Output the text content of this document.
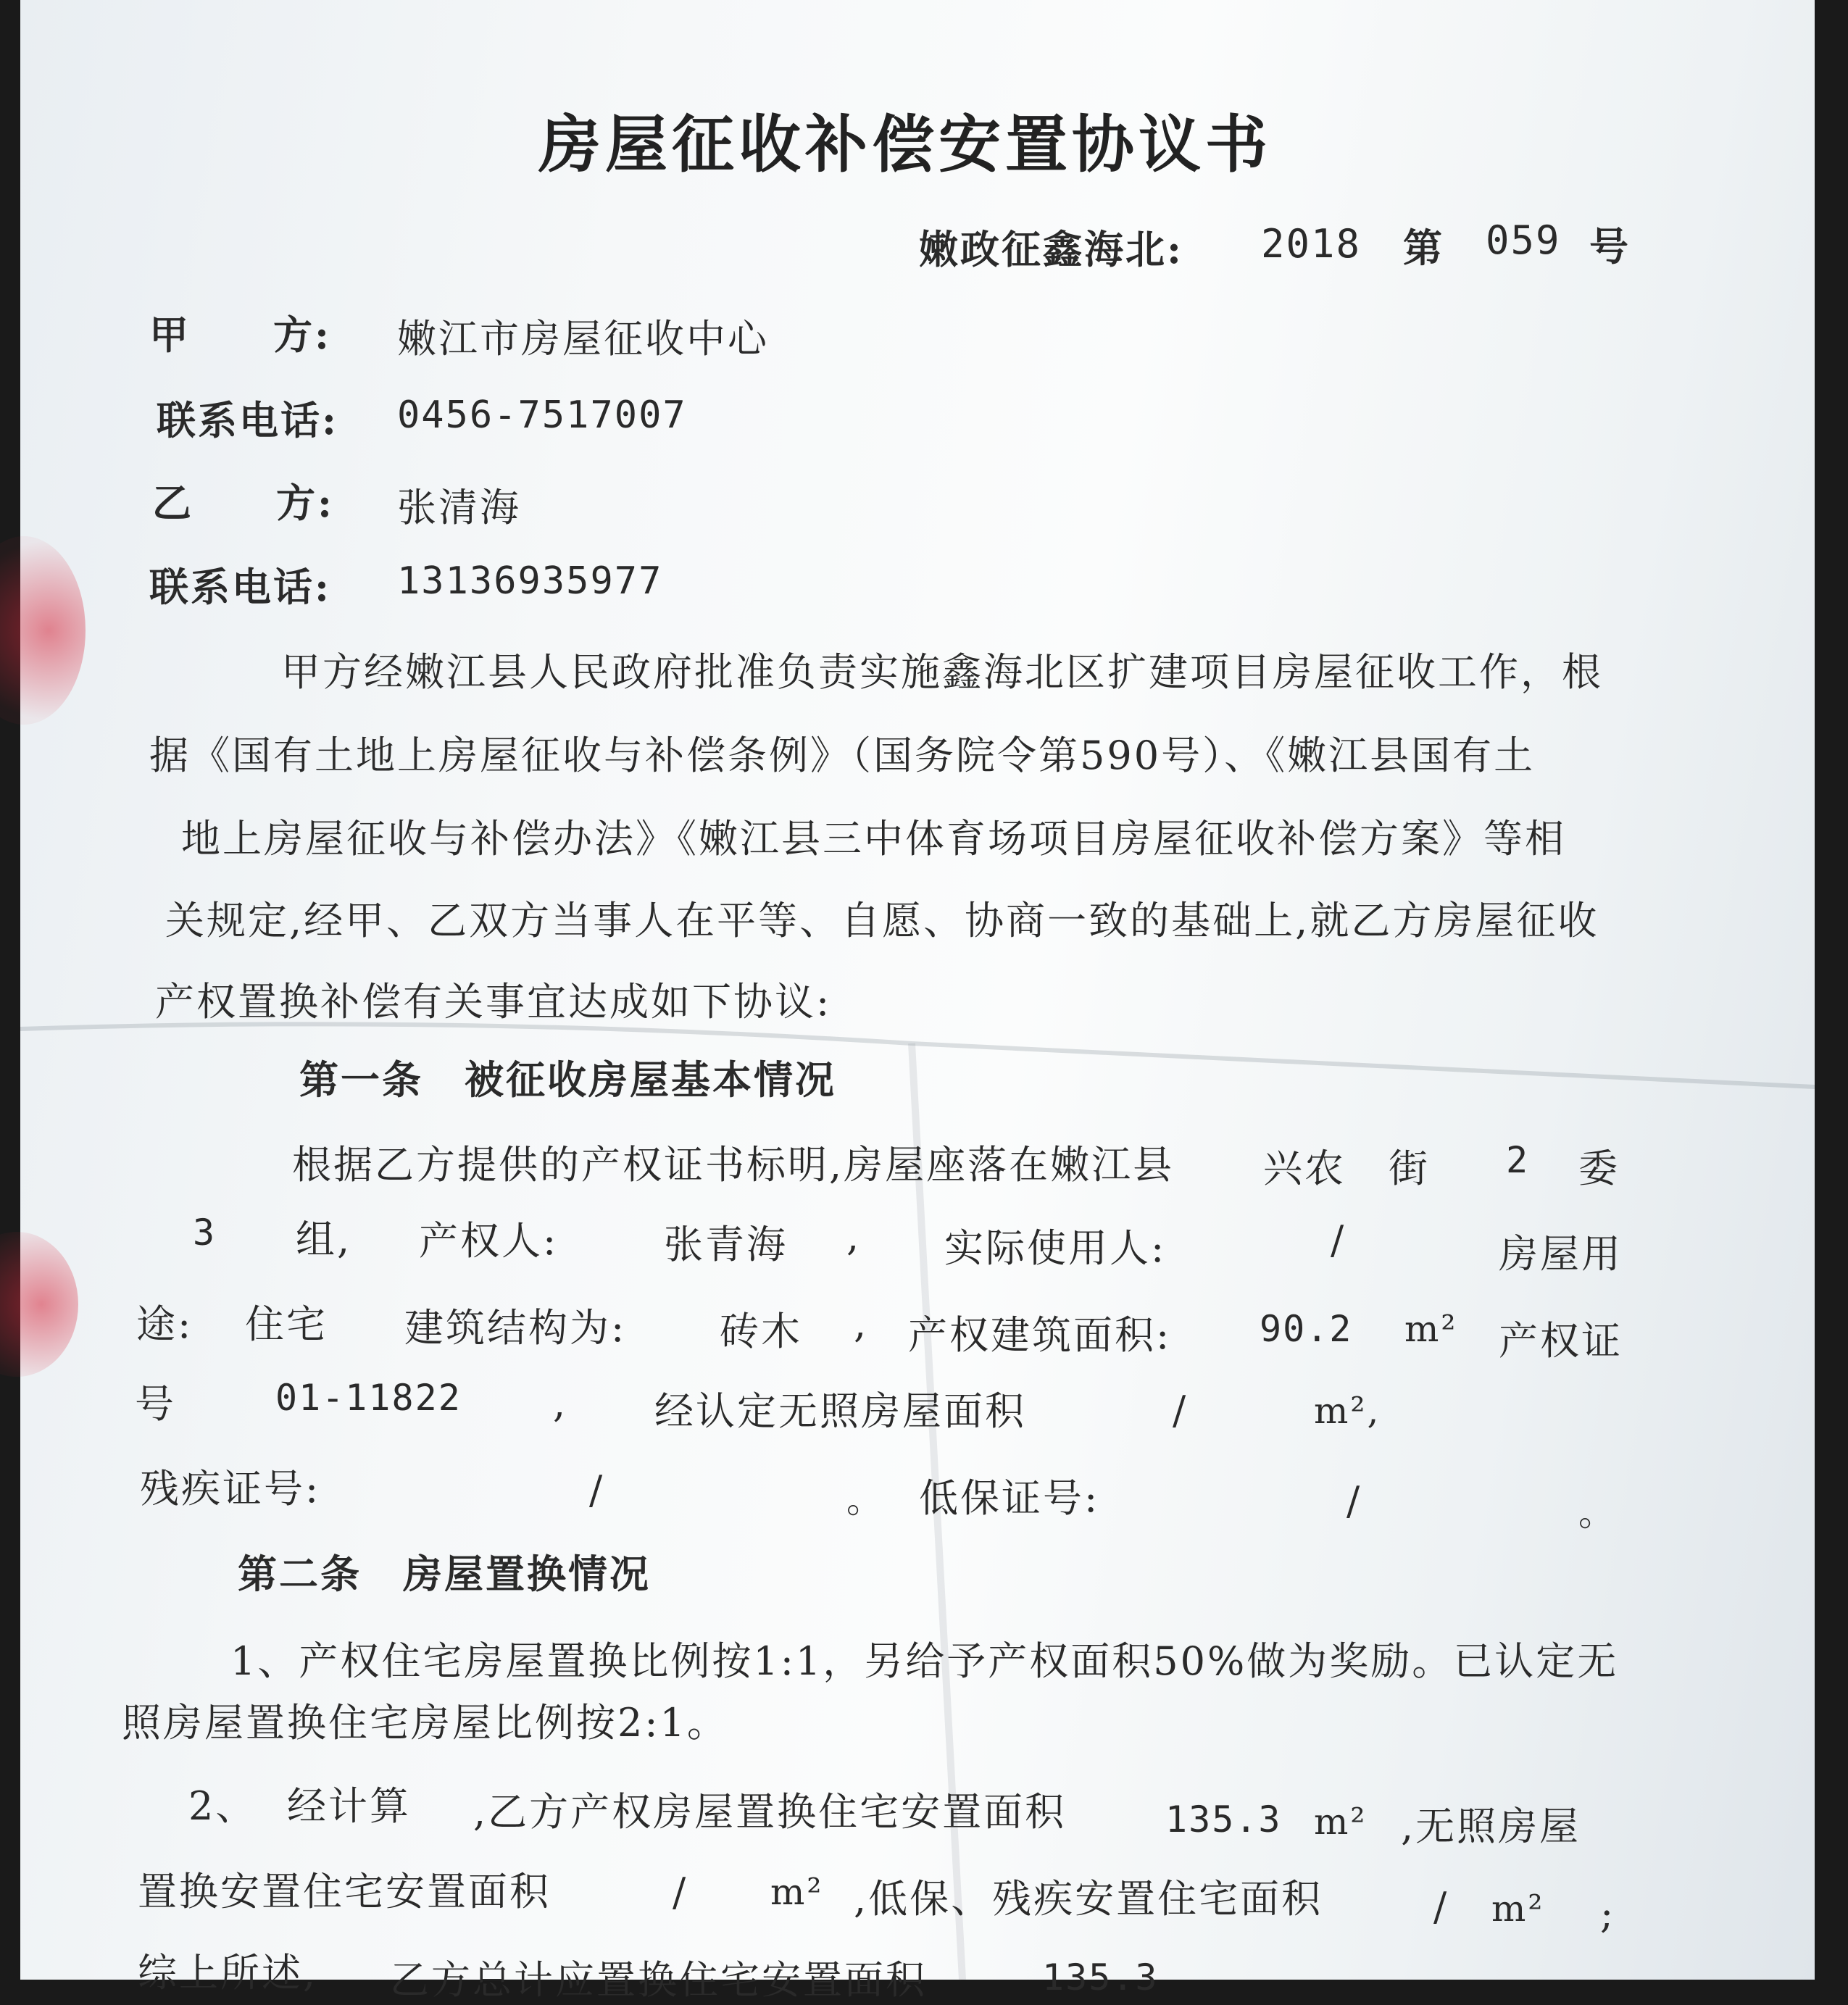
房屋征收补偿安置协议书
嫩政征鑫海北: 2018 第 059 号
甲　　方: 嫩江市房屋征收中心
联系电话: 0456-7517007
乙　　方: 张清海
联系电话: 13136935977
甲方经嫩江县人民政府批准负责实施鑫海北区扩建项目房屋征收工作，根
据《国有土地上房屋征收与补偿条例》（国务院令第590号）、《嫩江县国有土
地上房屋征收与补偿办法》《嫩江县三中体育场项目房屋征收补偿方案》等相
关规定,经甲、乙双方当事人在平等、自愿、协商一致的基础上,就乙方房屋征收
产权置换补偿有关事宜达成如下协议:
第一条　被征收房屋基本情况
根据乙方提供的产权证书标明,房屋座落在嫩江县 兴农 街 2 委
3 组, 产权人:	张青海 , 实际使用人:	/	房屋用
途: 住宅 建筑结构为: 砖木 , 产权建筑面积: 90.2 m² 产权证
号	01-11822 , 经认定无照房屋面积	/	m²,
残疾证号:	/	。 低保证号:	/	。
第二条　房屋置换情况
1、产权住宅房屋置换比例按1:1，另给予产权面积50%做为奖励。已认定无
照房屋置换住宅房屋比例按2:1。
2、 经计算 ,乙方产权房屋置换住宅安置面积	135.3 m² ,无照房屋
置换安置住宅安置面积	/ m² ,低保、残疾安置住宅面积	/ m² ;
综上所述, 乙方总计应置换住宅安置面积	135.3
